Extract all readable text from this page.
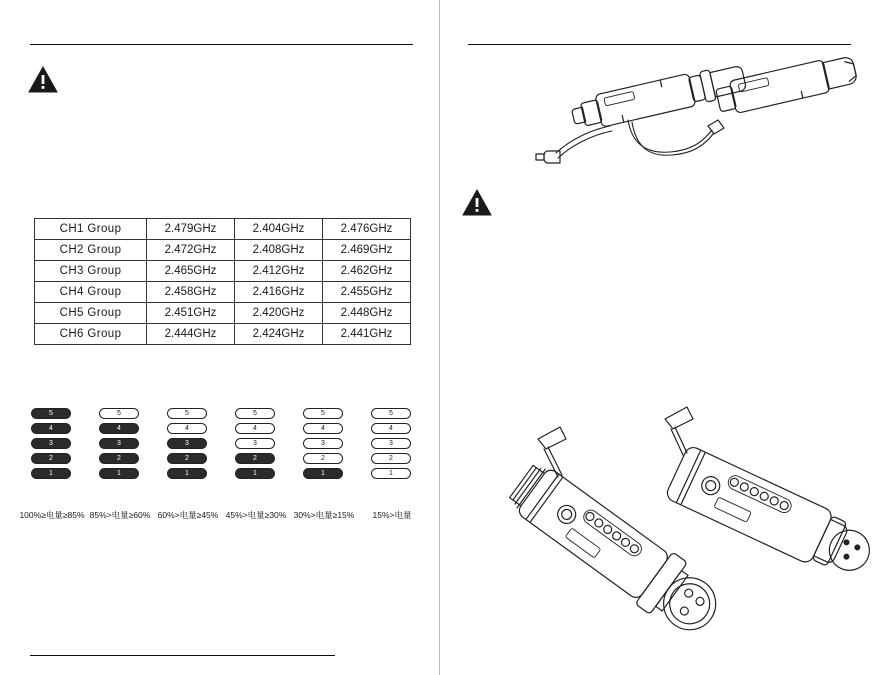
CH1 Group	2.479GHz	2.404GHz	2.476GHz
CH2 Group	2.472GHz	2.408GHz	2.469GHz
CH3 Group	2.465GHz	2.412GHz	2.462GHz
CH4 Group	2.458GHz	2.416GHz	2.455GHz
CH5 Group	2.451GHz	2.420GHz	2.448GHz
CH6 Group	2.444GHz	2.424GHz	2.441GHz
5
4
3
2
1
100%≥电量≥85%
5
4
3
2
1
85%>电量≥60%
5
4
3
2
1
60%>电量≥45%
5
4
3
2
1
45%>电量≥30%
5
4
3
2
1
30%>电量≥15%
5
4
3
2
1
15%>电量
